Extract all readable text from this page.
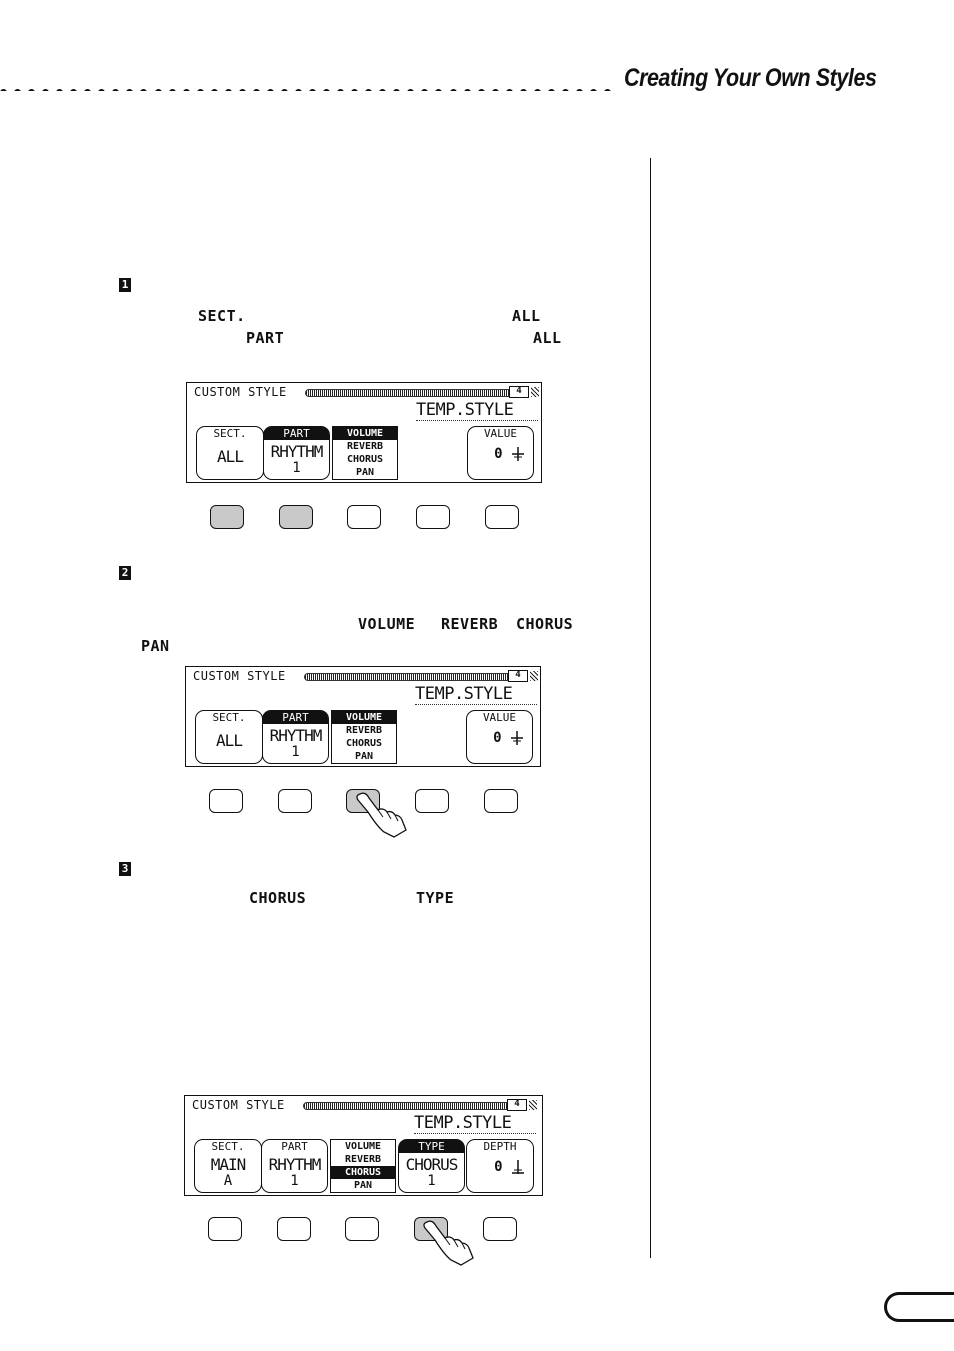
Creating Your Own Styles
1
SECT.	ALL
PART	ALL
CUSTOM STYLE	4
TEMP.STYLE
SECT.
ALL
PART
RHYTHM
1
VOLUME
REVERB
CHORUS
PAN
VALUE
0
2
VOLUME REVERB CHORUS
PAN
CUSTOM STYLE	4
TEMP.STYLE
SECT.
ALL
PART
RHYTHM
1
VOLUME
REVERB
CHORUS
PAN
VALUE
0
3
CHORUS	TYPE
CUSTOM STYLE	4
TEMP.STYLE
SECT.
MAIN
A
PART
RHYTHM
1
VOLUME
REVERB
CHORUS
PAN
TYPE
CHORUS
1
DEPTH
0
